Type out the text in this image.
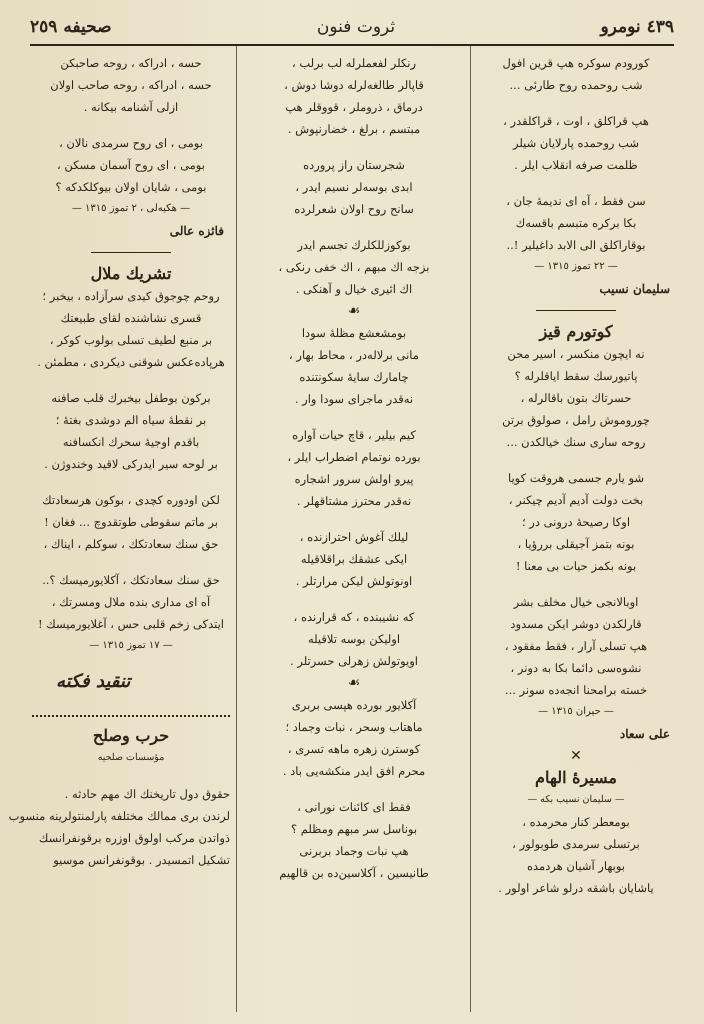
٤٣٩ نومرو
ثروت فنون
صحيفه ٢٥٩

كورودم سوكره هپ قرين افول

شب روحمده روح طارئى ...

هپ قراكلق ، اوت ، قراكلقدر ،

شب روحمده پارلايان شيلر

ظلمت صرفه انقلاب ايلر .

سن فقط ، آه اى نديمهٔ جان ،

بكا بركره متبسم باقسه‌ك

بوقاراكلق الى الابد داغيلير !..

— ٢٢ تموز ١٣١٥ —

سليمان نسيب

كوتورم قيز

نه ايچون منكسر ، اسير محن

پاتيورسك سقط اياقلرله ؟

حسرتاك بتون باقالرله ،

چوروموش رامل ، صولوق برتن

روحه سارى سنك خيالكدن ...

شو يارم جسمى هروقت كويا

بخت دولت آديم آديم چيكنر ،

اوكا رصيحهٔ درونى در ؛

بونه بتمز آجيقلى بررؤيا ،

بونه بكمز حيات بى معنا !

اوبالانجى خيال مخلف بشر

قارلكدن دوشر ايكن مسدود

هپ تسلى آرار ، فقط مفقود ،

نشوه‌سى دائما بكا به دونر ،

خسته برامحنا انجه‌ده سونر ...

— حيران ١٣١٥ —

على سعاد

✕

مسيرهٔ الهام

— سليمان نسيب بكه —

بومعطر كنار محرمده ،

برتسلى سرمدى طوبولور ،

بوبهار آشيان هردمده

ياشايان باشقه درلو شاعر اولور .

رنكلر لفعملرله لب برلب ،

قاپالر طالغه‌لرله دوشا دوش ،

درماق ، ذروملر ، قووقلر هپ

مبتسم ، برلغ ، خضارنپوش .

شجرستان راز پرورده

ابدى بوسه‌لر نسيم ايدر ،

سانح روح اولان شعرلرده

بوكوزللكلرك تجسم ايدر

بزجه اك مبهم ، اك خفى رنكى ،

اك اثيرى خيال و آهنكى .

☙

بومشعشع مظلهٔ سودا

مانى برلاله‌در ، محاط بهار ،

چامارك سايهٔ سكونتنده

نه‌قدر ماجراى سودا وار .

كيم بيلير ، قاچ حيات آواره

بورده نوتمام اضطراب ايلر ،

پيرو اولش سرور اشجاره

نه‌قدر محترز مشتاقهلر .

ليلك آغوش احترازنده ،

ايكى عشقك براقلاقيله

اونوتولش ليكن مرارتلر .

كه نشيبنده ، كه قرارنده ،

اوليكن بوسه تلاقيله

اويوتولش زهرلى حسرتلر .

☙

آكلايور بورده هپسى بربرى

ماهتاب وسحر ، نبات وجماد ؛

كوسترن زهره ماهه تسرى ،

محرم افق ايدر منكشه‌يى باد .

فقط اى كائنات نورانى ،

بوناسل سر مبهم ومظلم ؟

هپ نبات وجماد بربرنى

طانيسين ، آكلاسين‌ده بن قالهيم

حسه ، ادراكه ، روحه صاحبكن

حسه ، ادراكه ، روحه صاحب اولان

ازلى آشنامه بيكانه .

بومى ، اى روح سرمدى نالان ،

بومى ، اى روح آسمان مسكن ،

بومى ، شايان اولان بيوكلكدكه ؟

— هكيه‌لى ، ٢ تموز ١٣١٥ —

فائزه عالى

تشريك ملال

روحم چوجوق كيدى سرآزاده ، بيخبر ؛

قسرى نشاشنده لقاى طبيعتك

بر منبع لطيف تسلى بولوب كوكر ،

هرپاده‌عكس شوقنى ديكردى ، مطمئن .

بركون بوطفل بيخبرك قلب صافنه

بر نقطهٔ سياه الم دوشدى بغتهٔ ؛

باقدم اوجيهٔ سحرك انكسافنه

بر لوحه سير ايدركى لاقيد وخندوژن .

لكن اودوره كچدى ، بوكون هرسعادتك

بر ماتم سقوطى طوتقدوچ ... فغان !

حق سنك سعادتكك ، سوكلم ، ايناك ،

حق سنك سعادتكك ، آكلايورميسك ؟..

آه اى مدارى بنده ملال ومسرتك ،

ايتدكى زخم قلبى حس ، آغلايورميسك !

— ١٧ تموز ١٣١٥ —

تنقيد فكته

حرب وصلح

مؤسسات صلحيه

حقوق دول تاريخنك اك مهم حادثه‌ .

لرندن برى ممالك مختلفه پارلمنتولرينه منسوب

ذواتدن مركب اولوق اوزره برقونفرانسك

تشكيل اتمسيدر . بوقونفرانس موسيو
